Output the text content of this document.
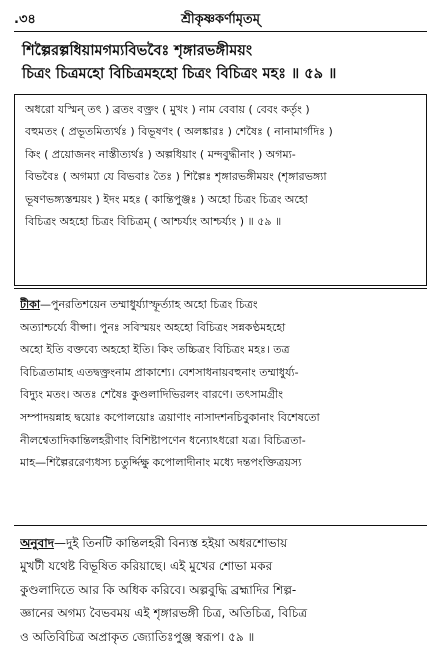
.৩৪	শ্রীকৃষ্ণকর্ণামৃতম্‌
শিল্পৈরল্পধিয়ামগম্যবিভবৈঃ শৃঙ্গারভঙ্গীময়ং
চিত্রং চিত্রমহো বিচিত্রমহহো চিত্রং বিচিত্রং মহঃ ॥ ৫৯ ॥
অধরো যস্মিন্‌ তৎ ) ব্রতং বক্ত্রং ( মুখং ) নাম বেবায় ( বেবং কর্তৃং )
বহুমতং ( প্রভূতমিত্যর্থঃ ) বিভূষণং ( অলঙ্কারঃ ) শেষৈঃ ( নানামার্গদিঃ )
কিং ( প্রয়োজনং নাস্তীত্যর্থঃ ) অল্পধিয়াং ( মন্দবুদ্ধীনাং ) অগম্য-
বিভবৈঃ ( অগম্যা যে বিভবাঃ তৈঃ ) শিল্পৈঃ শৃঙ্গারভঙ্গীময়ং (শৃঙ্গারভঙ্গ্যা
ভূষণভঙ্গ্যস্তন্ময়ং ) ইদং মহঃ ( কান্তিপুঞ্জঃ ) অহো চিত্রং চিত্রং অহো
বিচিত্রং অহহো চিত্রং বিচিত্রম্‌ ( আশ্চর্য্যং আশ্চর্য্যং ) ॥ ৫৯ ॥
টীকা—পুনরতিশয়েন তম্মাধুর্য্যাস্ফূর্ত্যাহ অহো চিত্রং চিত্রং
অত্যাশ্চর্য্যে বীপ্সা। পুনঃ সবিস্ময়ং অহহো বিচিত্রং সন্নকণ্ঠমহহো
অহো ইতি বক্তব্যে অহহো ইতি। কিং তচ্চিত্রং বিচিত্রং মহঃ। তত্র
বিচিত্রতামাহ এতদ্বক্ত্রংনাম প্রাকাশ্যে। বেশসাধনায়বহুনাং তম্মাধুর্য্য-
বিদ্যুং মতং। অতঃ শেষৈঃ কুণ্ডলাদিভিরলং বারণে। তৎসামগ্রীং
সম্পাদয়ন্নাহ দ্বয়োঃ কপোলয়োঃ ত্রয়াণাং নাসাদশনচিবুকানাং বিশেষতো
নীলশ্বেতাদিকান্তিলহরীণাং বিশিষ্টাপণেন ধন্যোঽধরো যত্র। বিচিত্রতা-
মাহ—শিল্পৈররেণ্যধস্য চতুর্দ্দিক্ষু কপোলাদীনাং মধ্যে দন্তপংক্তিত্রয়স্য
অনুবাদ—দুই তিনটি কান্তিলহরী বিন্যস্ত হইয়া অধরশোভায়
মুখটী যথেষ্ট বিভূষিত করিয়াছে। এই মুখের শোভা মকর
কুণ্ডলাদিতে আর কি অধিক করিবে। অল্পবুদ্ধি ব্রহ্মাদির শিল্প-
জ্ঞানের অগম্য বৈভবময় এই শৃঙ্গারভঙ্গী চিত্র, অতিচিত্র, বিচিত্র
ও অতিবিচিত্র অপ্রাকৃত জ্যোতিঃপুঞ্জ স্বরূপ। ৫৯ ॥
